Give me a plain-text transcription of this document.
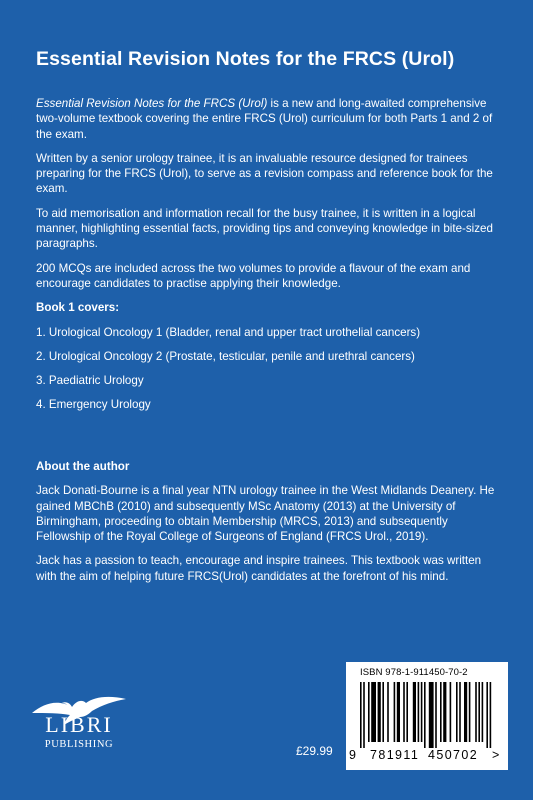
Essential Revision Notes for the FRCS (Urol)

Essential Revision Notes for the FRCS (Urol) is a new and long-awaited comprehensive two-volume textbook covering the entire FRCS (Urol) curriculum for both Parts 1 and 2 of the exam.

Written by a senior urology trainee, it is an invaluable resource designed for trainees preparing for the FRCS (Urol), to serve as a revision compass and reference book for the exam.

To aid memorisation and information recall for the busy trainee, it is written in a logical manner, highlighting essential facts, providing tips and conveying knowledge in bite-sized paragraphs.

200 MCQs are included across the two volumes to provide a flavour of the exam and encourage candidates to practise applying their knowledge.

Book 1 covers:

1. Urological Oncology 1 (Bladder, renal and upper tract urothelial cancers)

2. Urological Oncology 2 (Prostate, testicular, penile and urethral cancers)

3. Paediatric Urology

4. Emergency Urology

About the author

Jack Donati-Bourne is a final year NTN urology trainee in the West Midlands Deanery. He gained MBChB (2010) and subsequently MSc Anatomy (2013) at the University of Birmingham, proceeding to obtain Membership (MRCS, 2013) and subsequently Fellowship of the Royal College of Surgeons of England (FRCS Urol., 2019).

Jack has a passion to teach, encourage and inspire trainees. This textbook was written with the aim of helping future FRCS(Urol) candidates at the forefront of his mind.

LIBRI
PUBLISHING	£29.99
ISBN 978-1-911450-70-2
9 781911 450702 >
